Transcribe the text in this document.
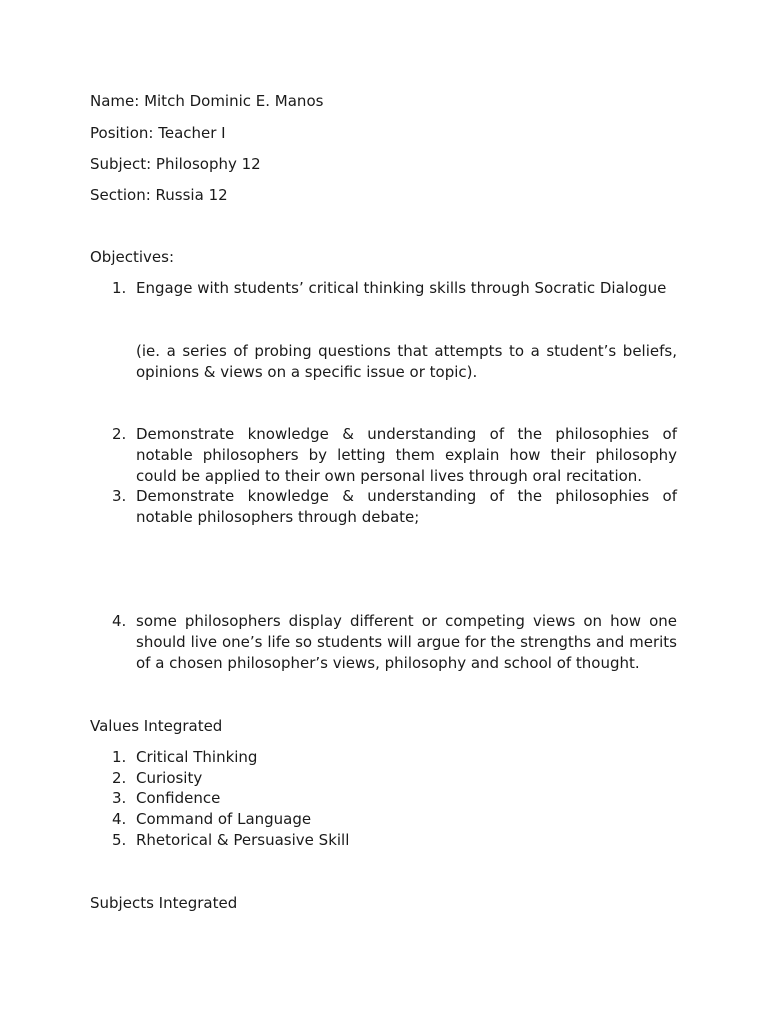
Name: Mitch Dominic E. Manos

Position: Teacher I

Subject: Philosophy 12

Section: Russia 12

Objectives:

1. Engage with students’ critical thinking skills through Socratic Dialogue
(ie. a series of probing questions that attempts to a student’s beliefs, opinions & views on a specific issue or topic).
2. Demonstrate knowledge & understanding of the philosophies of notable philosophers by letting them explain how their philosophy could be applied to their own personal lives through oral recitation.
3. Demonstrate knowledge & understanding of the philosophies of notable philosophers through debate;
4. some philosophers display different or competing views on how one should live one’s life so students will argue for the strengths and merits of a chosen philosopher’s views, philosophy and school of thought.

Values Integrated

1. Critical Thinking
2. Curiosity
3. Confidence
4. Command of Language
5. Rhetorical & Persuasive Skill

Subjects Integrated
